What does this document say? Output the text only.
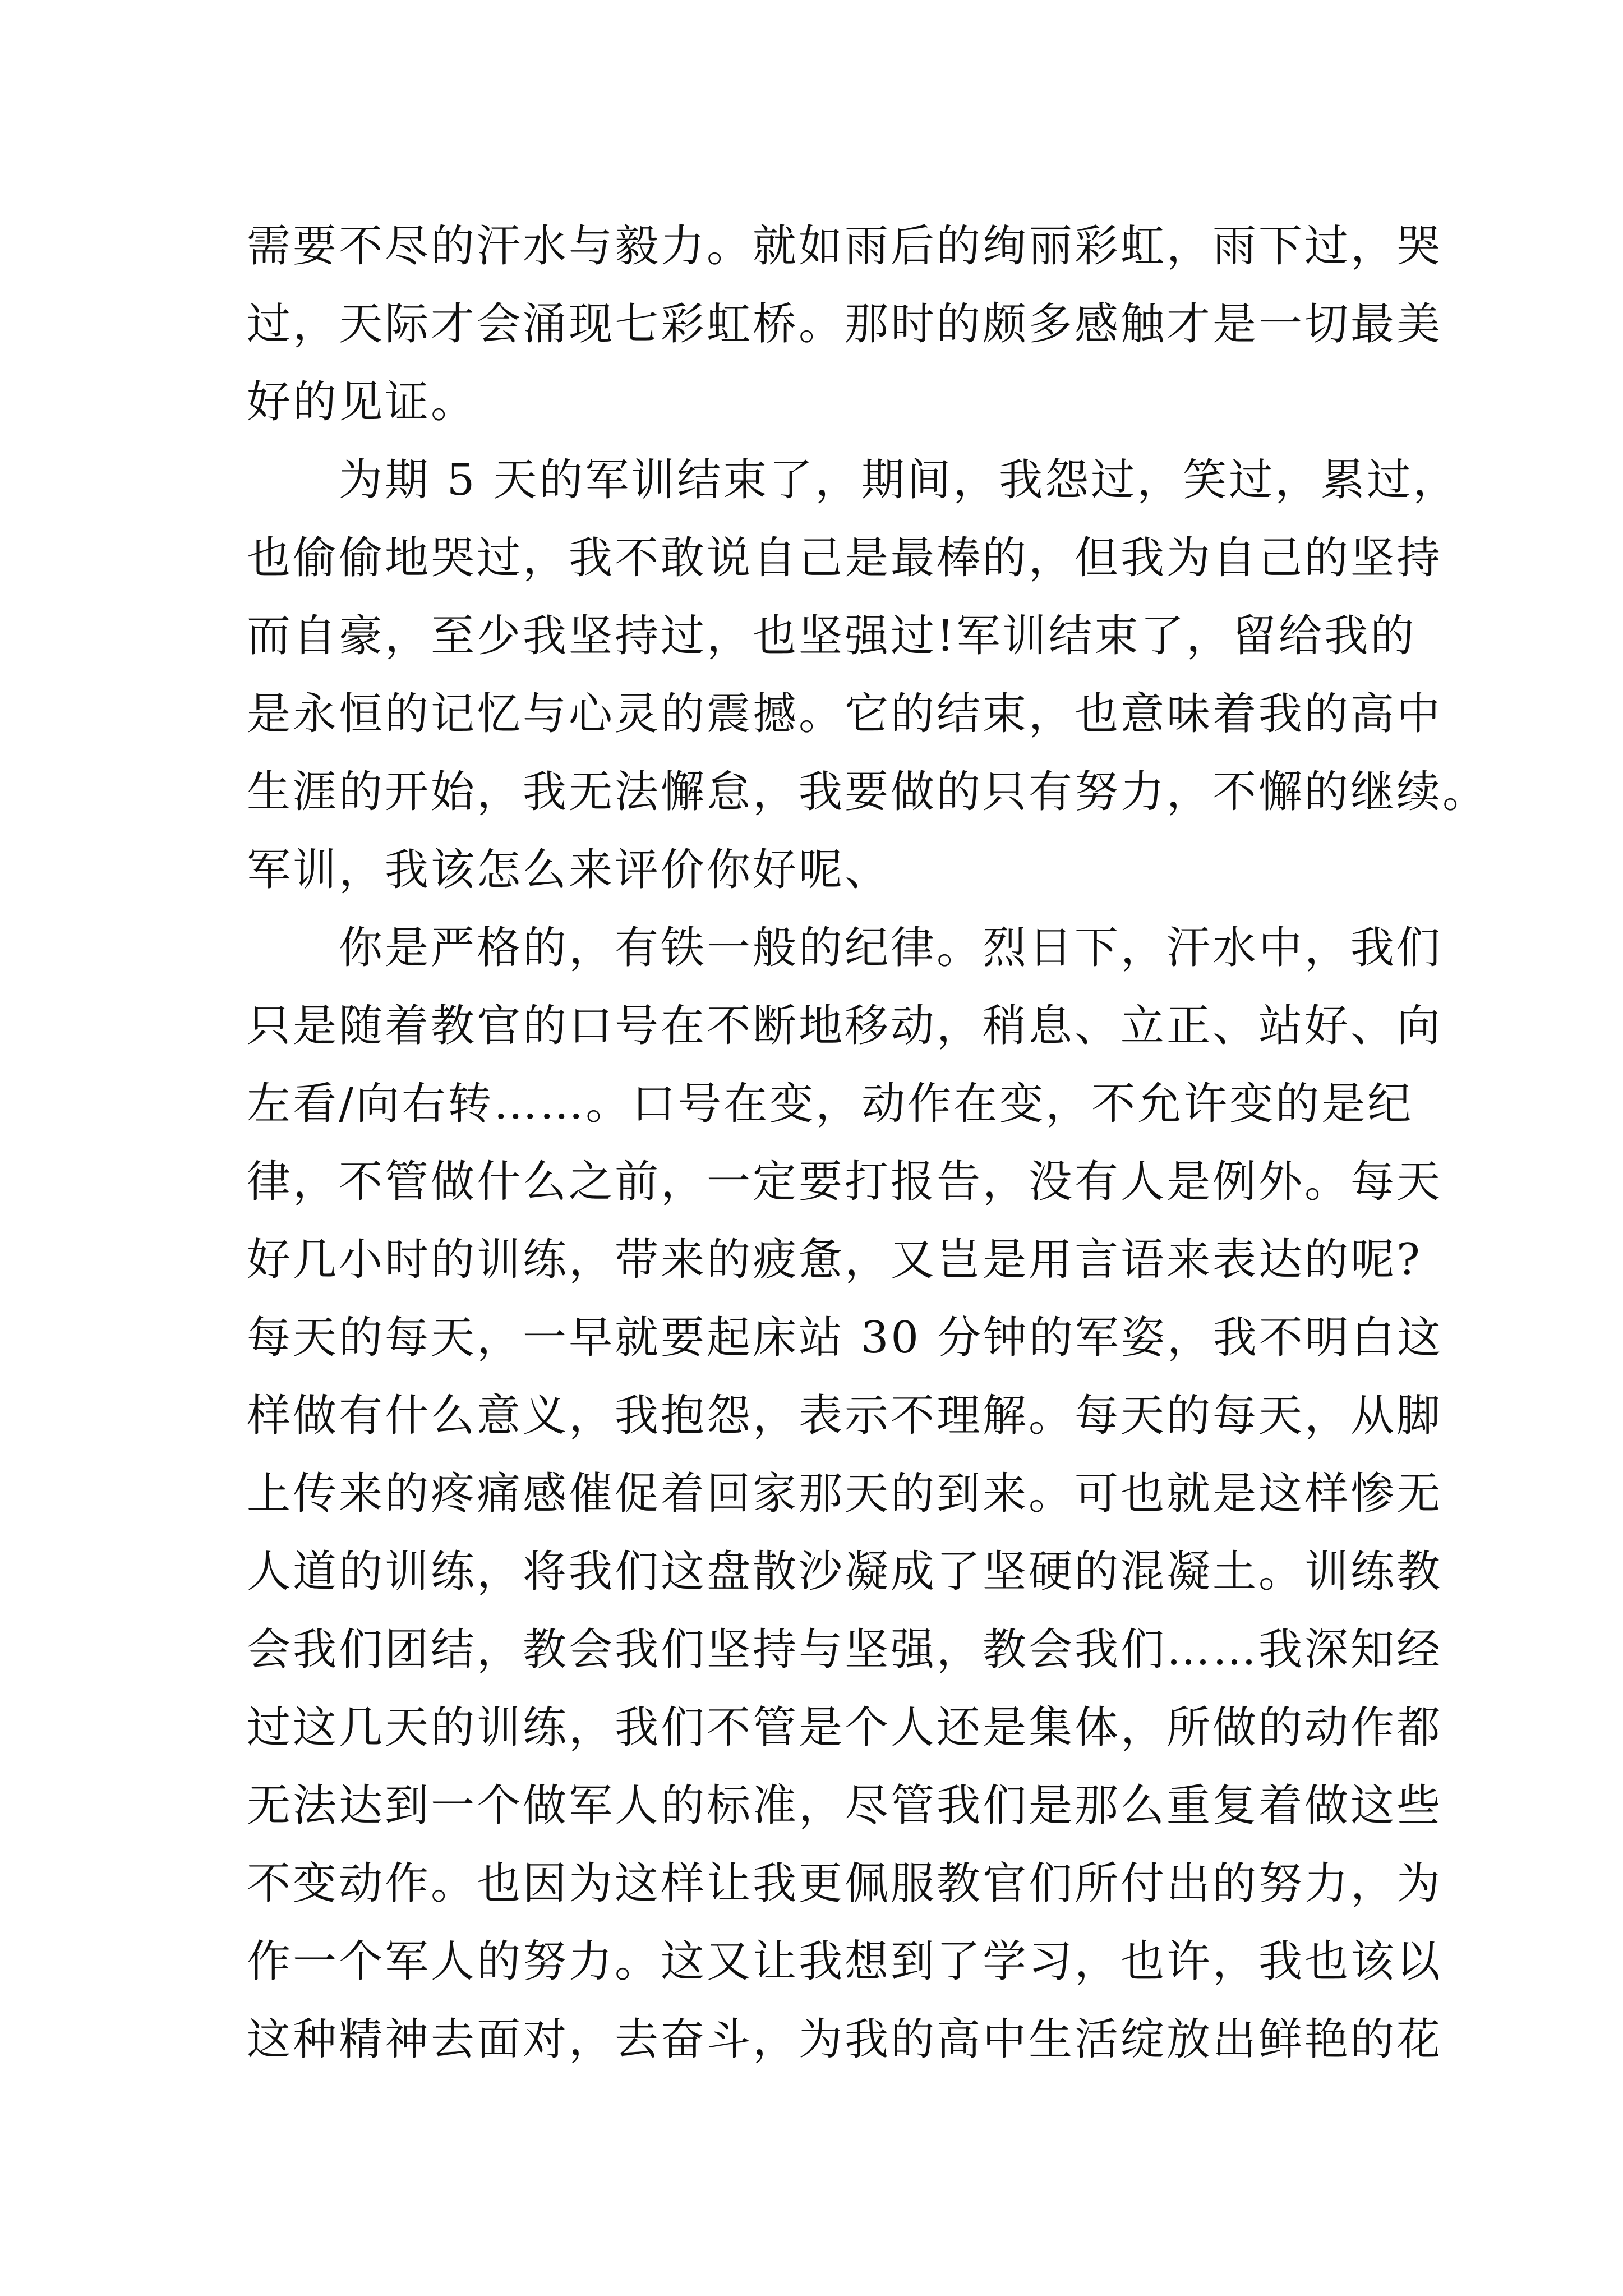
需要不尽的汗水与毅力。就如雨后的绚丽彩虹，雨下过，哭
过，天际才会涌现七彩虹桥。那时的颇多感触才是一切最美
好的见证。
　　为期 5 天的军训结束了，期间，我怨过，笑过，累过，
也偷偷地哭过，我不敢说自己是最棒的，但我为自己的坚持
而自豪，至少我坚持过，也坚强过!军训结束了，留给我的
是永恒的记忆与心灵的震撼。它的结束，也意味着我的高中
生涯的开始，我无法懈怠，我要做的只有努力，不懈的继续。
军训，我该怎么来评价你好呢、
　　你是严格的，有铁一般的纪律。烈日下，汗水中，我们
只是随着教官的口号在不断地移动，稍息、立正、站好、向
左看/向右转……。口号在变，动作在变，不允许变的是纪
律，不管做什么之前，一定要打报告，没有人是例外。每天
好几小时的训练，带来的疲惫，又岂是用言语来表达的呢?
每天的每天，一早就要起床站 30 分钟的军姿，我不明白这
样做有什么意义，我抱怨，表示不理解。每天的每天，从脚
上传来的疼痛感催促着回家那天的到来。可也就是这样惨无
人道的训练，将我们这盘散沙凝成了坚硬的混凝土。训练教
会我们团结，教会我们坚持与坚强，教会我们……我深知经
过这几天的训练，我们不管是个人还是集体，所做的动作都
无法达到一个做军人的标准，尽管我们是那么重复着做这些
不变动作。也因为这样让我更佩服教官们所付出的努力，为
作一个军人的努力。这又让我想到了学习，也许，我也该以
这种精神去面对，去奋斗，为我的高中生活绽放出鲜艳的花
